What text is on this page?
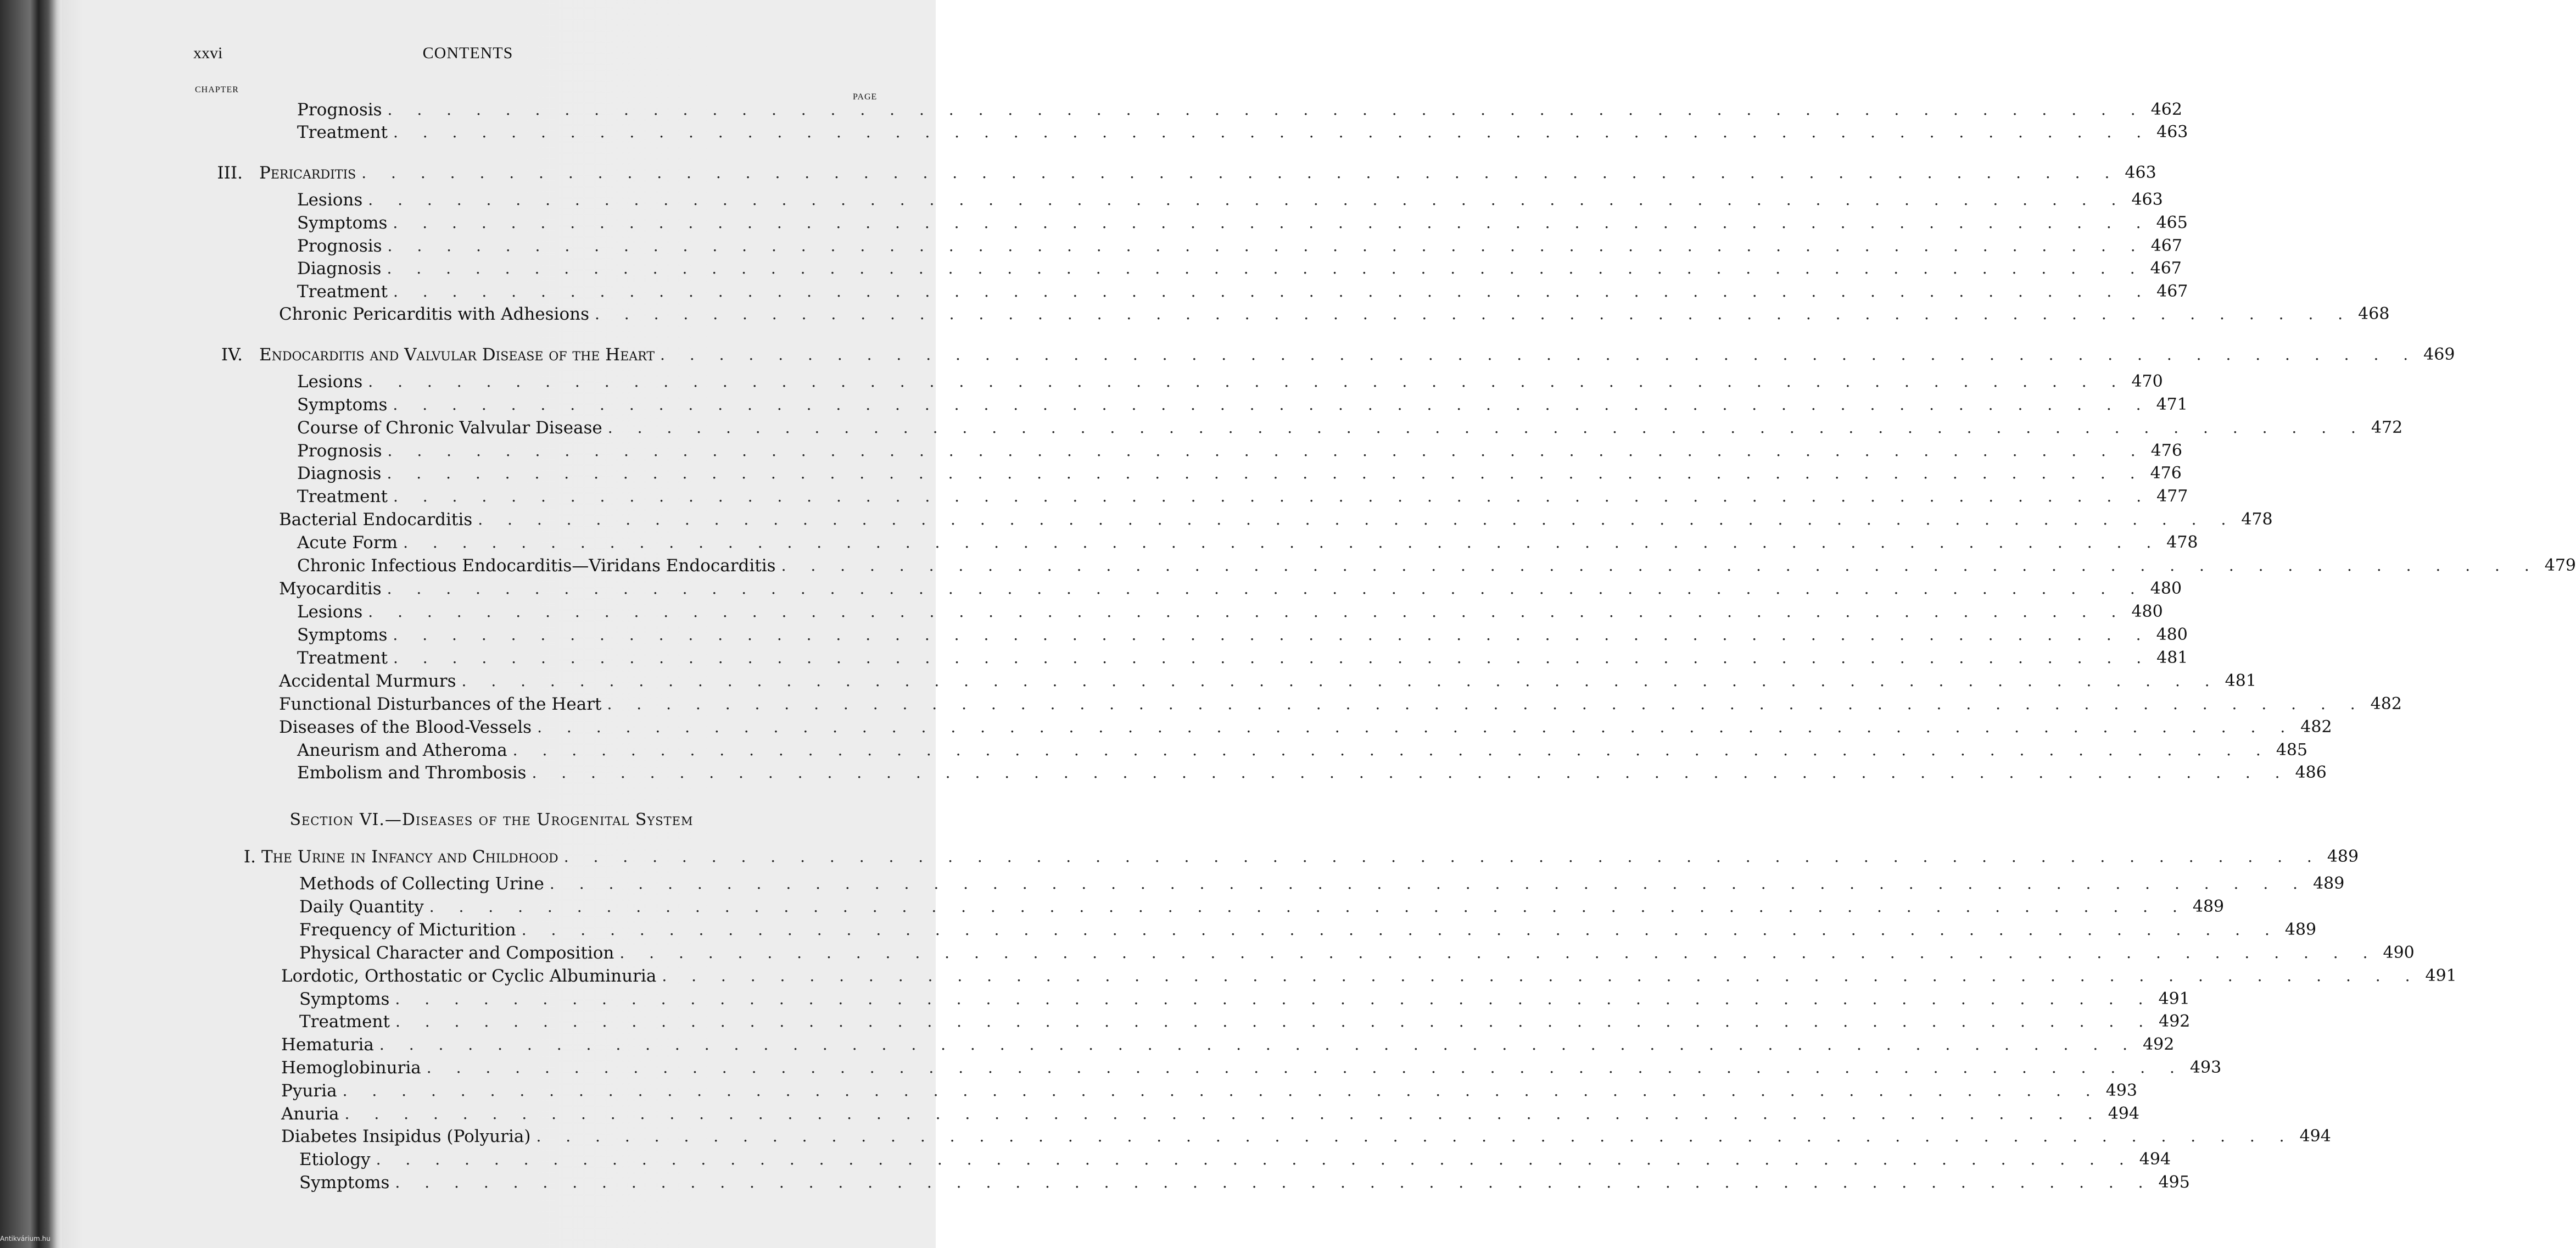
Antikvárium.hu
xxvi	CONTENTS
CHAPTER
PAGE
Prognosis . . . . . . . . . . . . . . . . . . . . . . . . . . . . . . . . . . . . . . . . . . . . . . . . . . . . . . . . . . . . 462
Treatment . . . . . . . . . . . . . . . . . . . . . . . . . . . . . . . . . . . . . . . . . . . . . . . . . . . . . . . . . . . . 463
III. Pericarditis . . . . . . . . . . . . . . . . . . . . . . . . . . . . . . . . . . . . . . . . . . . . . . . . . . . . . . . . . . . . 463
Lesions . . . . . . . . . . . . . . . . . . . . . . . . . . . . . . . . . . . . . . . . . . . . . . . . . . . . . . . . . . . . 463
Symptoms . . . . . . . . . . . . . . . . . . . . . . . . . . . . . . . . . . . . . . . . . . . . . . . . . . . . . . . . . . . . 465
Prognosis . . . . . . . . . . . . . . . . . . . . . . . . . . . . . . . . . . . . . . . . . . . . . . . . . . . . . . . . . . . . 467
Diagnosis . . . . . . . . . . . . . . . . . . . . . . . . . . . . . . . . . . . . . . . . . . . . . . . . . . . . . . . . . . . . 467
Treatment . . . . . . . . . . . . . . . . . . . . . . . . . . . . . . . . . . . . . . . . . . . . . . . . . . . . . . . . . . . . 467
Chronic Pericarditis with Adhesions . . . . . . . . . . . . . . . . . . . . . . . . . . . . . . . . . . . . . . . . . . . . . . . . . . . . . . . . . . . . 468
IV. Endocarditis and Valvular Disease of the Heart . . . . . . . . . . . . . . . . . . . . . . . . . . . . . . . . . . . . . . . . . . . . . . . . . . . . . . . . . . . . 469
Lesions . . . . . . . . . . . . . . . . . . . . . . . . . . . . . . . . . . . . . . . . . . . . . . . . . . . . . . . . . . . . 470
Symptoms . . . . . . . . . . . . . . . . . . . . . . . . . . . . . . . . . . . . . . . . . . . . . . . . . . . . . . . . . . . . 471
Course of Chronic Valvular Disease . . . . . . . . . . . . . . . . . . . . . . . . . . . . . . . . . . . . . . . . . . . . . . . . . . . . . . . . . . . . 472
Prognosis . . . . . . . . . . . . . . . . . . . . . . . . . . . . . . . . . . . . . . . . . . . . . . . . . . . . . . . . . . . . 476
Diagnosis . . . . . . . . . . . . . . . . . . . . . . . . . . . . . . . . . . . . . . . . . . . . . . . . . . . . . . . . . . . . 476
Treatment . . . . . . . . . . . . . . . . . . . . . . . . . . . . . . . . . . . . . . . . . . . . . . . . . . . . . . . . . . . . 477
Bacterial Endocarditis . . . . . . . . . . . . . . . . . . . . . . . . . . . . . . . . . . . . . . . . . . . . . . . . . . . . . . . . . . . . 478
Acute Form . . . . . . . . . . . . . . . . . . . . . . . . . . . . . . . . . . . . . . . . . . . . . . . . . . . . . . . . . . . . 478
Chronic Infectious Endocarditis—Viridans Endocarditis . . . . . . . . . . . . . . . . . . . . . . . . . . . . . . . . . . . . . . . . . . . . . . . . . . . . . . . . . . . . 479
Myocarditis . . . . . . . . . . . . . . . . . . . . . . . . . . . . . . . . . . . . . . . . . . . . . . . . . . . . . . . . . . . . 480
Lesions . . . . . . . . . . . . . . . . . . . . . . . . . . . . . . . . . . . . . . . . . . . . . . . . . . . . . . . . . . . . 480
Symptoms . . . . . . . . . . . . . . . . . . . . . . . . . . . . . . . . . . . . . . . . . . . . . . . . . . . . . . . . . . . . 480
Treatment . . . . . . . . . . . . . . . . . . . . . . . . . . . . . . . . . . . . . . . . . . . . . . . . . . . . . . . . . . . . 481
Accidental Murmurs . . . . . . . . . . . . . . . . . . . . . . . . . . . . . . . . . . . . . . . . . . . . . . . . . . . . . . . . . . . . 481
Functional Disturbances of the Heart . . . . . . . . . . . . . . . . . . . . . . . . . . . . . . . . . . . . . . . . . . . . . . . . . . . . . . . . . . . . 482
Diseases of the Blood-Vessels . . . . . . . . . . . . . . . . . . . . . . . . . . . . . . . . . . . . . . . . . . . . . . . . . . . . . . . . . . . . 482
Aneurism and Atheroma . . . . . . . . . . . . . . . . . . . . . . . . . . . . . . . . . . . . . . . . . . . . . . . . . . . . . . . . . . . . 485
Embolism and Thrombosis . . . . . . . . . . . . . . . . . . . . . . . . . . . . . . . . . . . . . . . . . . . . . . . . . . . . . . . . . . . . 486
I. The Urine in Infancy and Childhood . . . . . . . . . . . . . . . . . . . . . . . . . . . . . . . . . . . . . . . . . . . . . . . . . . . . . . . . . . . . 489
Methods of Collecting Urine . . . . . . . . . . . . . . . . . . . . . . . . . . . . . . . . . . . . . . . . . . . . . . . . . . . . . . . . . . . . 489
Daily Quantity . . . . . . . . . . . . . . . . . . . . . . . . . . . . . . . . . . . . . . . . . . . . . . . . . . . . . . . . . . . . 489
Frequency of Micturition . . . . . . . . . . . . . . . . . . . . . . . . . . . . . . . . . . . . . . . . . . . . . . . . . . . . . . . . . . . . 489
Physical Character and Composition . . . . . . . . . . . . . . . . . . . . . . . . . . . . . . . . . . . . . . . . . . . . . . . . . . . . . . . . . . . . 490
Lordotic, Orthostatic or Cyclic Albuminuria . . . . . . . . . . . . . . . . . . . . . . . . . . . . . . . . . . . . . . . . . . . . . . . . . . . . . . . . . . . . 491
Symptoms . . . . . . . . . . . . . . . . . . . . . . . . . . . . . . . . . . . . . . . . . . . . . . . . . . . . . . . . . . . . 491
Treatment . . . . . . . . . . . . . . . . . . . . . . . . . . . . . . . . . . . . . . . . . . . . . . . . . . . . . . . . . . . . 492
Hematuria . . . . . . . . . . . . . . . . . . . . . . . . . . . . . . . . . . . . . . . . . . . . . . . . . . . . . . . . . . . . 492
Hemoglobinuria . . . . . . . . . . . . . . . . . . . . . . . . . . . . . . . . . . . . . . . . . . . . . . . . . . . . . . . . . . . . 493
Pyuria . . . . . . . . . . . . . . . . . . . . . . . . . . . . . . . . . . . . . . . . . . . . . . . . . . . . . . . . . . . . 493
Anuria . . . . . . . . . . . . . . . . . . . . . . . . . . . . . . . . . . . . . . . . . . . . . . . . . . . . . . . . . . . . 494
Diabetes Insipidus (Polyuria) . . . . . . . . . . . . . . . . . . . . . . . . . . . . . . . . . . . . . . . . . . . . . . . . . . . . . . . . . . . . 494
Etiology . . . . . . . . . . . . . . . . . . . . . . . . . . . . . . . . . . . . . . . . . . . . . . . . . . . . . . . . . . . . 494
Symptoms . . . . . . . . . . . . . . . . . . . . . . . . . . . . . . . . . . . . . . . . . . . . . . . . . . . . . . . . . . . . 495
Section VI.—Diseases of the Urogenital System
